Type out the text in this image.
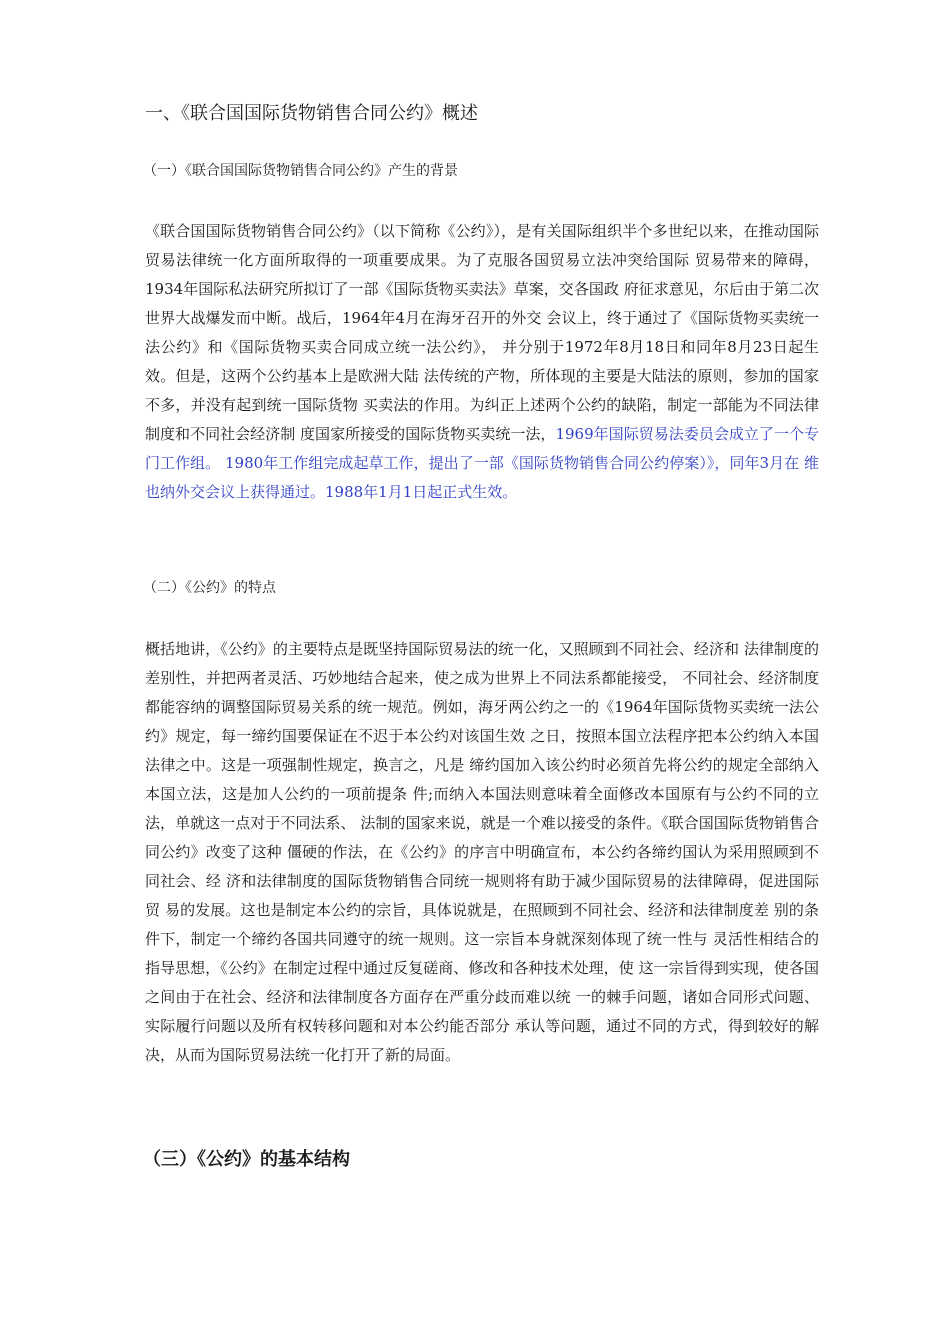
一、《联合国国际货物销售合同公约》概述
（一）《联合国国际货物销售合同公约》产生的背景

《联合国国际货物销售合同公约》（以下简称《公约》），是有关国际组织半个多世纪以来，在推动国际贸易法律统一化方面所取得的一项重要成果。为了克服各国贸易立法冲突给国际 贸易带来的障碍，1934年国际私法研究所拟订了一部《国际货物买卖法》草案，交各国政 府征求意见，尔后由于第二次世界大战爆发而中断。战后，1964年4月在海牙召开的外交 会议上，终于通过了《国际货物买卖统一法公约》和《国际货物买卖合同成立统一法公约》， 并分别于1972年8月18日和同年8月23日起生效。但是，这两个公约基本上是欧洲大陆 法传统的产物，所体现的主要是大陆法的原则，参加的国家不多，并没有起到统一国际货物 买卖法的作用。为纠正上述两个公约的缺陷，制定一部能为不同法律制度和不同社会经济制 度国家所接受的国际货物买卖统一法，1969年国际贸易法委员会成立了一个专门工作组。 1980年工作组完成起草工作，提出了一部《国际货物销售合同公约停案）》，同年3月在 维也纳外交会议上获得通过。1988年1月1日起正式生效。

（二）《公约》的特点

概括地讲，《公约》的主要特点是既坚持国际贸易法的统一化，又照顾到不同社会、经济和 法律制度的差别性，并把两者灵活、巧妙地结合起来，使之成为世界上不同法系都能接受， 不同社会、经济制度都能容纳的调整国际贸易关系的统一规范。例如，海牙两公约之一的《1964年国际货物买卖统一法公约》规定，每一缔约国要保证在不迟于本公约对该国生效 之日，按照本国立法程序把本公约纳入本国法律之中。这是一项强制性规定，换言之，凡是 缔约国加入该公约时必须首先将公约的规定全部纳入本国立法，这是加人公约的一项前提条 件;而纳入本国法则意味着全面修改本国原有与公约不同的立法，单就这一点对于不同法系、 法制的国家来说，就是一个难以接受的条件。《联合国国际货物销售合同公约》改变了这种 僵硬的作法，在《公约》的序言中明确宣布，本公约各缔约国认为采用照顾到不同社会、经 济和法律制度的国际货物销售合同统一规则将有助于减少国际贸易的法律障碍，促进国际贸 易的发展。这也是制定本公约的宗旨，具体说就是，在照顾到不同社会、经济和法律制度差 别的条件下，制定一个缔约各国共同遵守的统一规则。这一宗旨本身就深刻体现了统一性与 灵活性相结合的指导思想，《公约》在制定过程中通过反复磋商、修改和各种技术处理，使 这一宗旨得到实现，使各国之间由于在社会、经济和法律制度各方面存在严重分歧而难以统 一的棘手问题，诸如合同形式问题、实际履行问题以及所有权转移问题和对本公约能否部分 承认等问题，通过不同的方式，得到较好的解决，从而为国际贸易法统一化打开了新的局面。

（三）《公约》的基本结构
